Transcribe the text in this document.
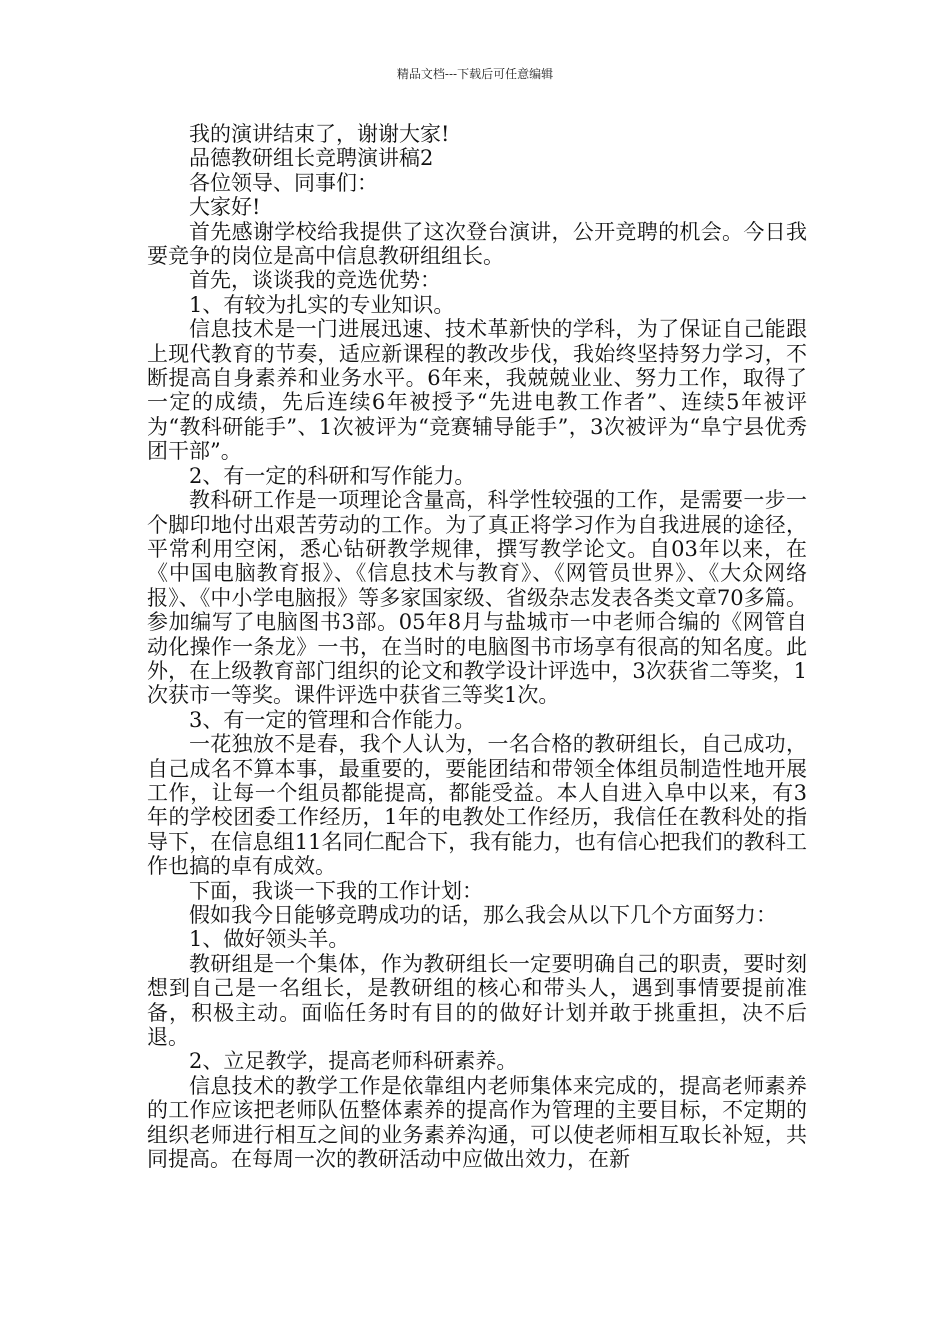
精品文档---下载后可任意编辑

我的演讲结束了，谢谢大家!

品德教研组长竞聘演讲稿2

各位领导、同事们：

大家好!

首先感谢学校给我提供了这次登台演讲，公开竞聘的机会。今日我要竞争的岗位是高中信息教研组组长。

首先，谈谈我的竞选优势：

1、有较为扎实的专业知识。

信息技术是一门进展迅速、技术革新快的学科，为了保证自己能跟上现代教育的节奏，适应新课程的教改步伐，我始终坚持努力学习，不断提高自身素养和业务水平。6年来，我兢兢业业、努力工作，取得了一定的成绩，先后连续6年被授予“先进电教工作者”、连续5年被评为“教科研能手”、1次被评为“竞赛辅导能手”，3次被评为“阜宁县优秀团干部”。

2、有一定的科研和写作能力。

教科研工作是一项理论含量高，科学性较强的工作，是需要一步一个脚印地付出艰苦劳动的工作。为了真正将学习作为自我进展的途径，平常利用空闲，悉心钻研教学规律，撰写教学论文。自03年以来，在《中国电脑教育报》、《信息技术与教育》、《网管员世界》、《大众网络报》、《中小学电脑报》等多家国家级、省级杂志发表各类文章70多篇。参加编写了电脑图书3部。05年8月与盐城市一中老师合编的《网管自动化操作一条龙》一书，在当时的电脑图书市场享有很高的知名度。此外，在上级教育部门组织的论文和教学设计评选中，3次获省二等奖，1次获市一等奖。课件评选中获省三等奖1次。

3、有一定的管理和合作能力。

一花独放不是春，我个人认为，一名合格的教研组长，自己成功，自己成名不算本事，最重要的，要能团结和带领全体组员制造性地开展工作，让每一个组员都能提高，都能受益。本人自进入阜中以来，有3年的学校团委工作经历，1年的电教处工作经历，我信任在教科处的指导下，在信息组11名同仁配合下，我有能力，也有信心把我们的教科工作也搞的卓有成效。

下面，我谈一下我的工作计划：

假如我今日能够竞聘成功的话，那么我会从以下几个方面努力：

1、做好领头羊。

教研组是一个集体，作为教研组长一定要明确自己的职责，要时刻想到自己是一名组长，是教研组的核心和带头人，遇到事情要提前准备，积极主动。面临任务时有目的的做好计划并敢于挑重担，决不后退。

2、立足教学，提高老师科研素养。

信息技术的教学工作是依靠组内老师集体来完成的，提高老师素养的工作应该把老师队伍整体素养的提高作为管理的主要目标，不定期的组织老师进行相互之间的业务素养沟通，可以使老师相互取长补短，共同提高。在每周一次的教研活动中应做出效力，在新
